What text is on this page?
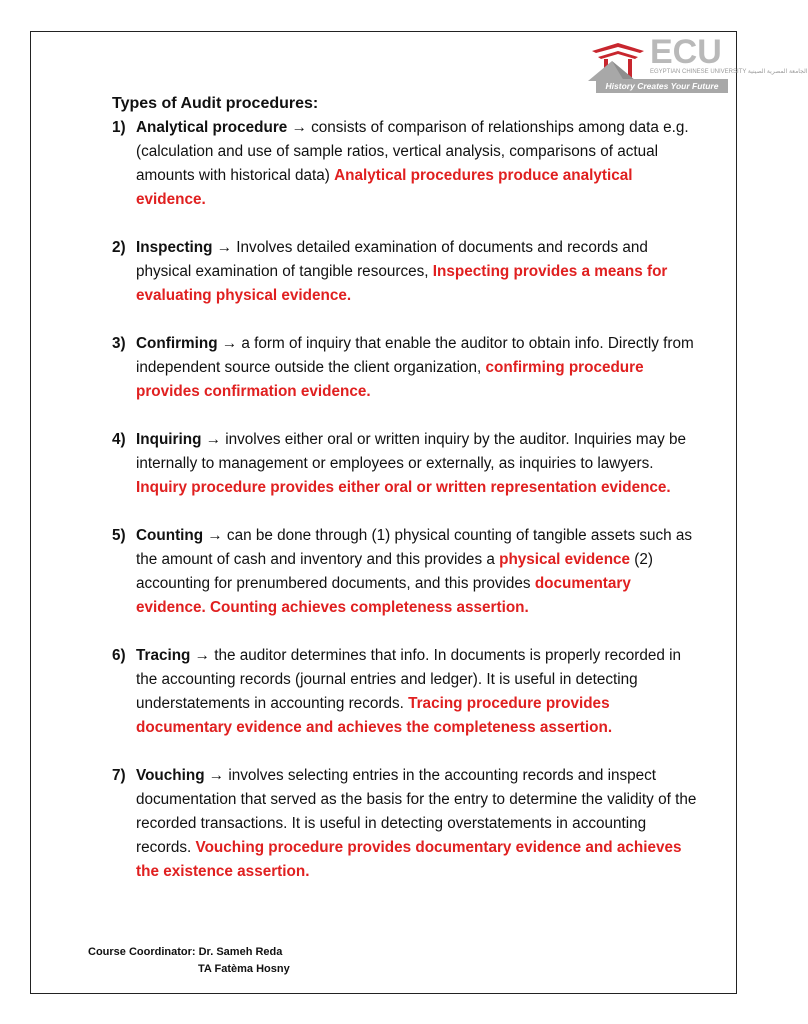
ECU
EGYPTIAN CHINESE UNIVERSITY الجامعة المصرية الصينية
History Creates Your Future

Types of Audit procedures:

1) Analytical procedure → consists of comparison of relationships among data e.g. (calculation and use of sample ratios, vertical analysis, comparisons of actual amounts with historical data) Analytical procedures produce analytical evidence.

2) Inspecting → Involves detailed examination of documents and records and physical examination of tangible resources, Inspecting provides a means for evaluating physical evidence.

3) Confirming → a form of inquiry that enable the auditor to obtain info. Directly from independent source outside the client organization, confirming procedure provides confirmation evidence.

4) Inquiring → involves either oral or written inquiry by the auditor. Inquiries may be internally to management or employees or externally, as inquiries to lawyers. Inquiry procedure provides either oral or written representation evidence.

5) Counting → can be done through (1) physical counting of tangible assets such as the amount of cash and inventory and this provides a physical evidence (2) accounting for prenumbered documents, and this provides documentary evidence. Counting achieves completeness assertion.

6) Tracing → the auditor determines that info. In documents is properly recorded in the accounting records (journal entries and ledger). It is useful in detecting understatements in accounting records. Tracing procedure provides documentary evidence and achieves the completeness assertion.

7) Vouching → involves selecting entries in the accounting records and inspect documentation that served as the basis for the entry to determine the validity of the recorded transactions. It is useful in detecting overstatements in accounting records. Vouching procedure provides documentary evidence and achieves the existence assertion.

Course Coordinator: Dr. Sameh Reda
TA Fatèma Hosny
